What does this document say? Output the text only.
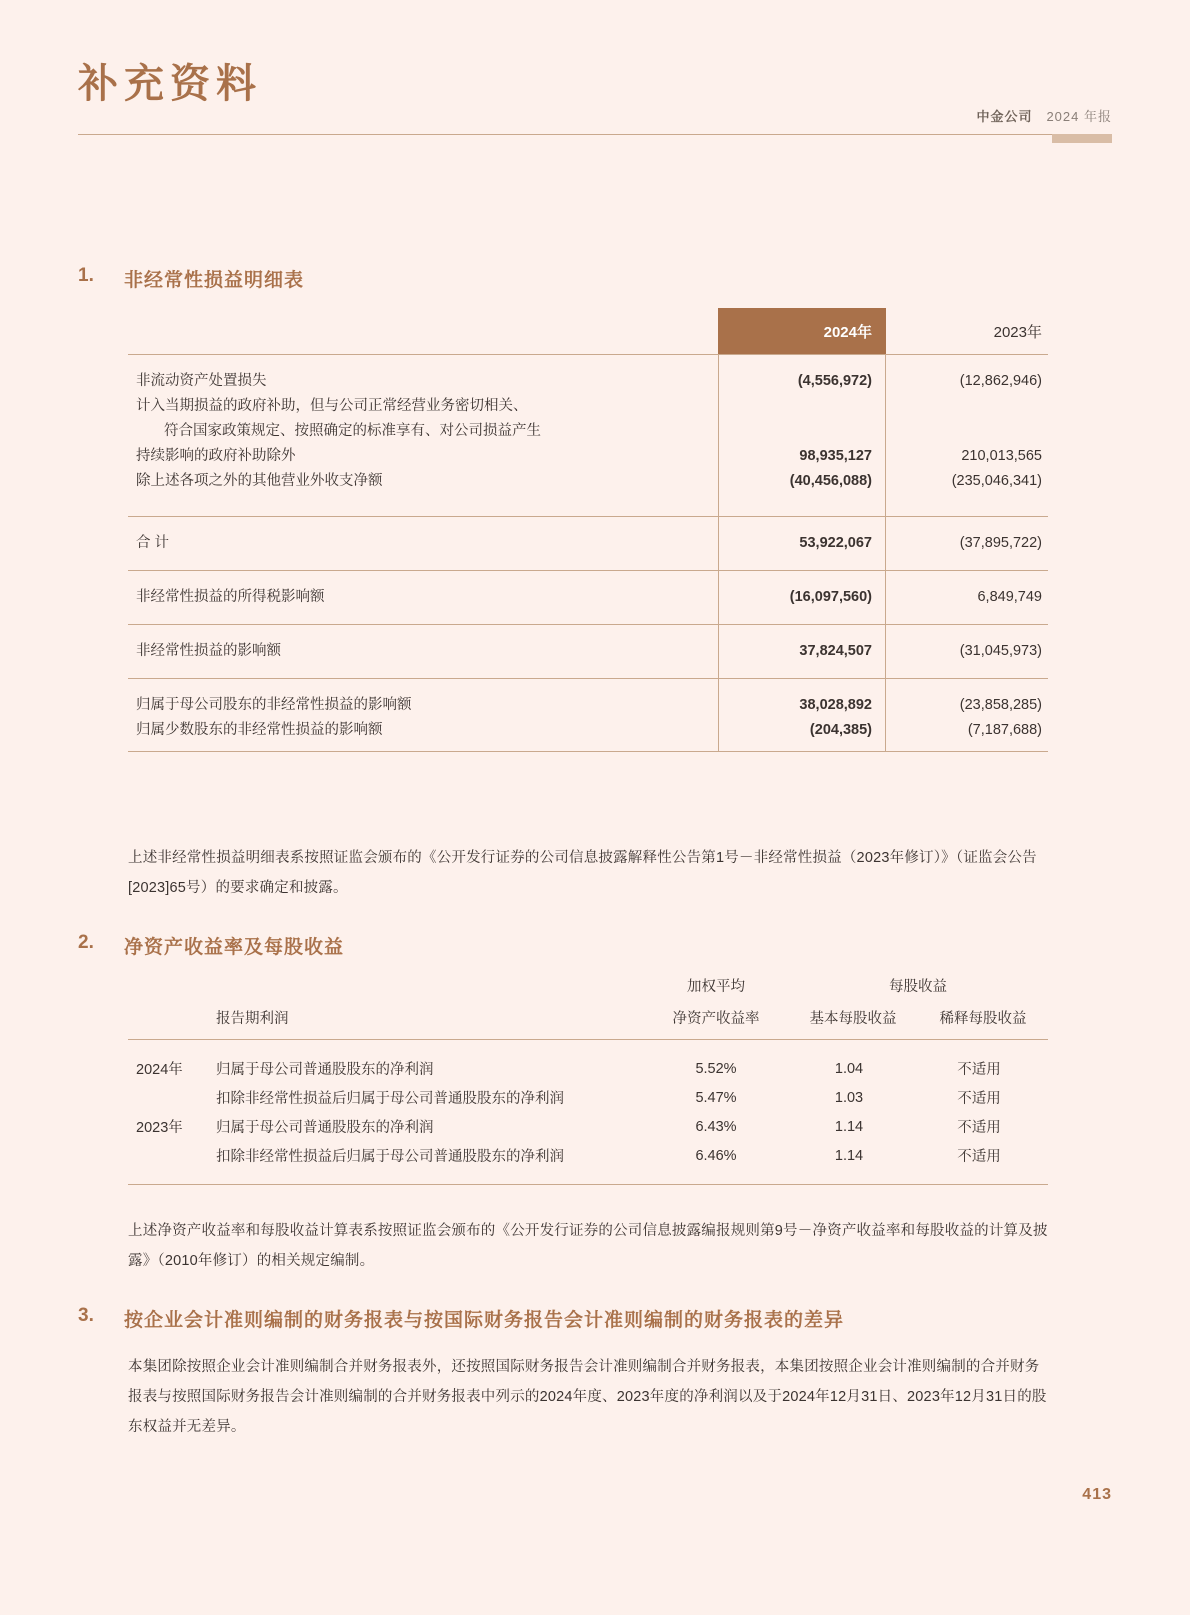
补充资料
中金公司 2024 年报
1.	非经常性损益明细表
2024年	2023年
非流动资产处置损失	(4,556,972)	(12,862,946)
计入当期损益的政府补助，但与公司正常经营业务密切相关、
符合国家政策规定、按照确定的标准享有、对公司损益产生
持续影响的政府补助除外	98,935,127	210,013,565
除上述各项之外的其他营业外收支净额	(40,456,088)	(235,046,341)
合 计	53,922,067	(37,895,722)
非经常性损益的所得税影响额	(16,097,560)	6,849,749
非经常性损益的影响额	37,824,507	(31,045,973)
归属于母公司股东的非经常性损益的影响额	38,028,892	(23,858,285)
归属少数股东的非经常性损益的影响额	(204,385)	(7,187,688)
上述非经常性损益明细表系按照证监会颁布的《公开发行证券的公司信息披露解释性公告第1号－非经常性损益（2023年修订）》（证监会公告[2023]65号）的要求确定和披露。
2.	净资产收益率及每股收益
每股收益
加权平均
报告期利润	净资产收益率	基本每股收益	稀释每股收益
2024年	归属于母公司普通股股东的净利润	5.52%	1.04	不适用
扣除非经常性损益后归属于母公司普通股股东的净利润	5.47%	1.03	不适用
2023年	归属于母公司普通股股东的净利润	6.43%	1.14	不适用
扣除非经常性损益后归属于母公司普通股股东的净利润	6.46%	1.14	不适用
上述净资产收益率和每股收益计算表系按照证监会颁布的《公开发行证券的公司信息披露编报规则第9号－净资产收益率和每股收益的计算及披露》（2010年修订）的相关规定编制。
3.	按企业会计准则编制的财务报表与按国际财务报告会计准则编制的财务报表的差异
本集团除按照企业会计准则编制合并财务报表外，还按照国际财务报告会计准则编制合并财务报表，本集团按照企业会计准则编制的合并财务报表与按照国际财务报告会计准则编制的合并财务报表中列示的2024年度、2023年度的净利润以及于2024年12月31日、2023年12月31日的股东权益并无差异。
413
